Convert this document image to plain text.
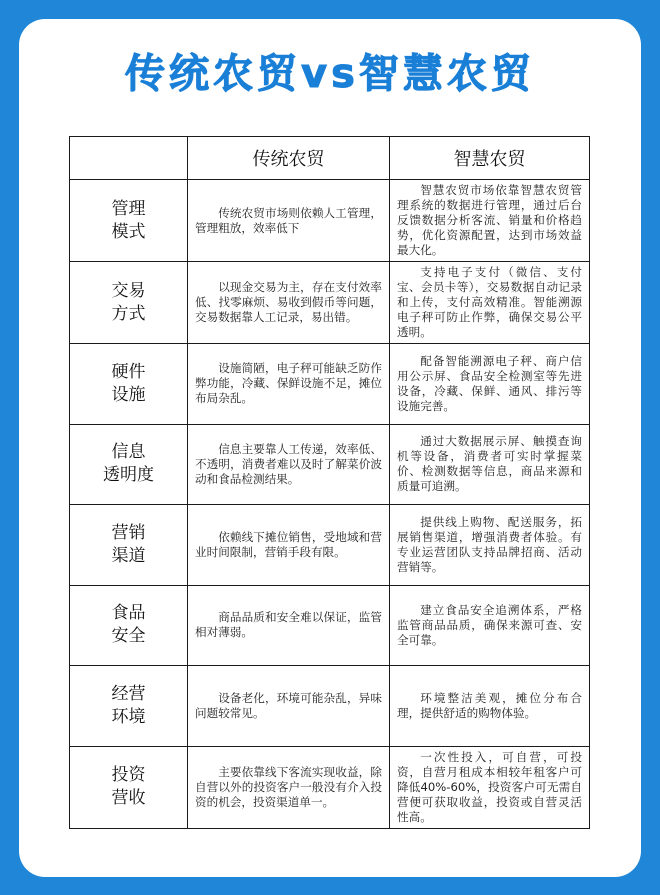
传统农贸vs智慧农贸
	传统农贸	智慧农贸

管理
模式	传统农贸市场则依赖人工管理，管理粗放，效率低下	智慧农贸市场依靠智慧农贸管理系统的数据进行管理，通过后台反馈数据分析客流、销量和价格趋势，优化资源配置，达到市场效益最大化。

交易
方式	以现金交易为主，存在支付效率低、找零麻烦、易收到假币等问题，交易数据靠人工记录，易出错。	支持电子支付（微信、支付宝、会员卡等），交易数据自动记录和上传，支付高效精准。智能溯源电子秤可防止作弊，确保交易公平透明。

硬件
设施	设施简陋，电子秤可能缺乏防作弊功能，冷藏、保鲜设施不足，摊位布局杂乱。	配备智能溯源电子秤、商户信用公示屏、食品安全检测室等先进设备，冷藏、保鲜、通风、排污等设施完善。

信息
透明度	信息主要靠人工传递，效率低、不透明，消费者难以及时了解菜价波动和食品检测结果。	通过大数据展示屏、触摸查询机等设备，消费者可实时掌握菜价、检测数据等信息，商品来源和质量可追溯。

营销
渠道	依赖线下摊位销售，受地域和营业时间限制，营销手段有限。	提供线上购物、配送服务，拓展销售渠道，增强消费者体验。有专业运营团队支持品牌招商、活动营销等。

食品
安全	商品品质和安全难以保证，监管相对薄弱。	建立食品安全追溯体系，严格监管商品品质，确保来源可查、安全可靠。

经营
环境	设备老化，环境可能杂乱，异味问题较常见。	环境整洁美观，摊位分布合理，提供舒适的购物体验。

投资
营收	主要依靠线下客流实现收益，除自营以外的投资客户一般没有介入投资的机会，投资渠道单一。	一次性投入，可自营，可投资，自营月租成本相较年租客户可降低40%-60%，投资客户可无需自营便可获取收益，投资或自营灵活性高。
